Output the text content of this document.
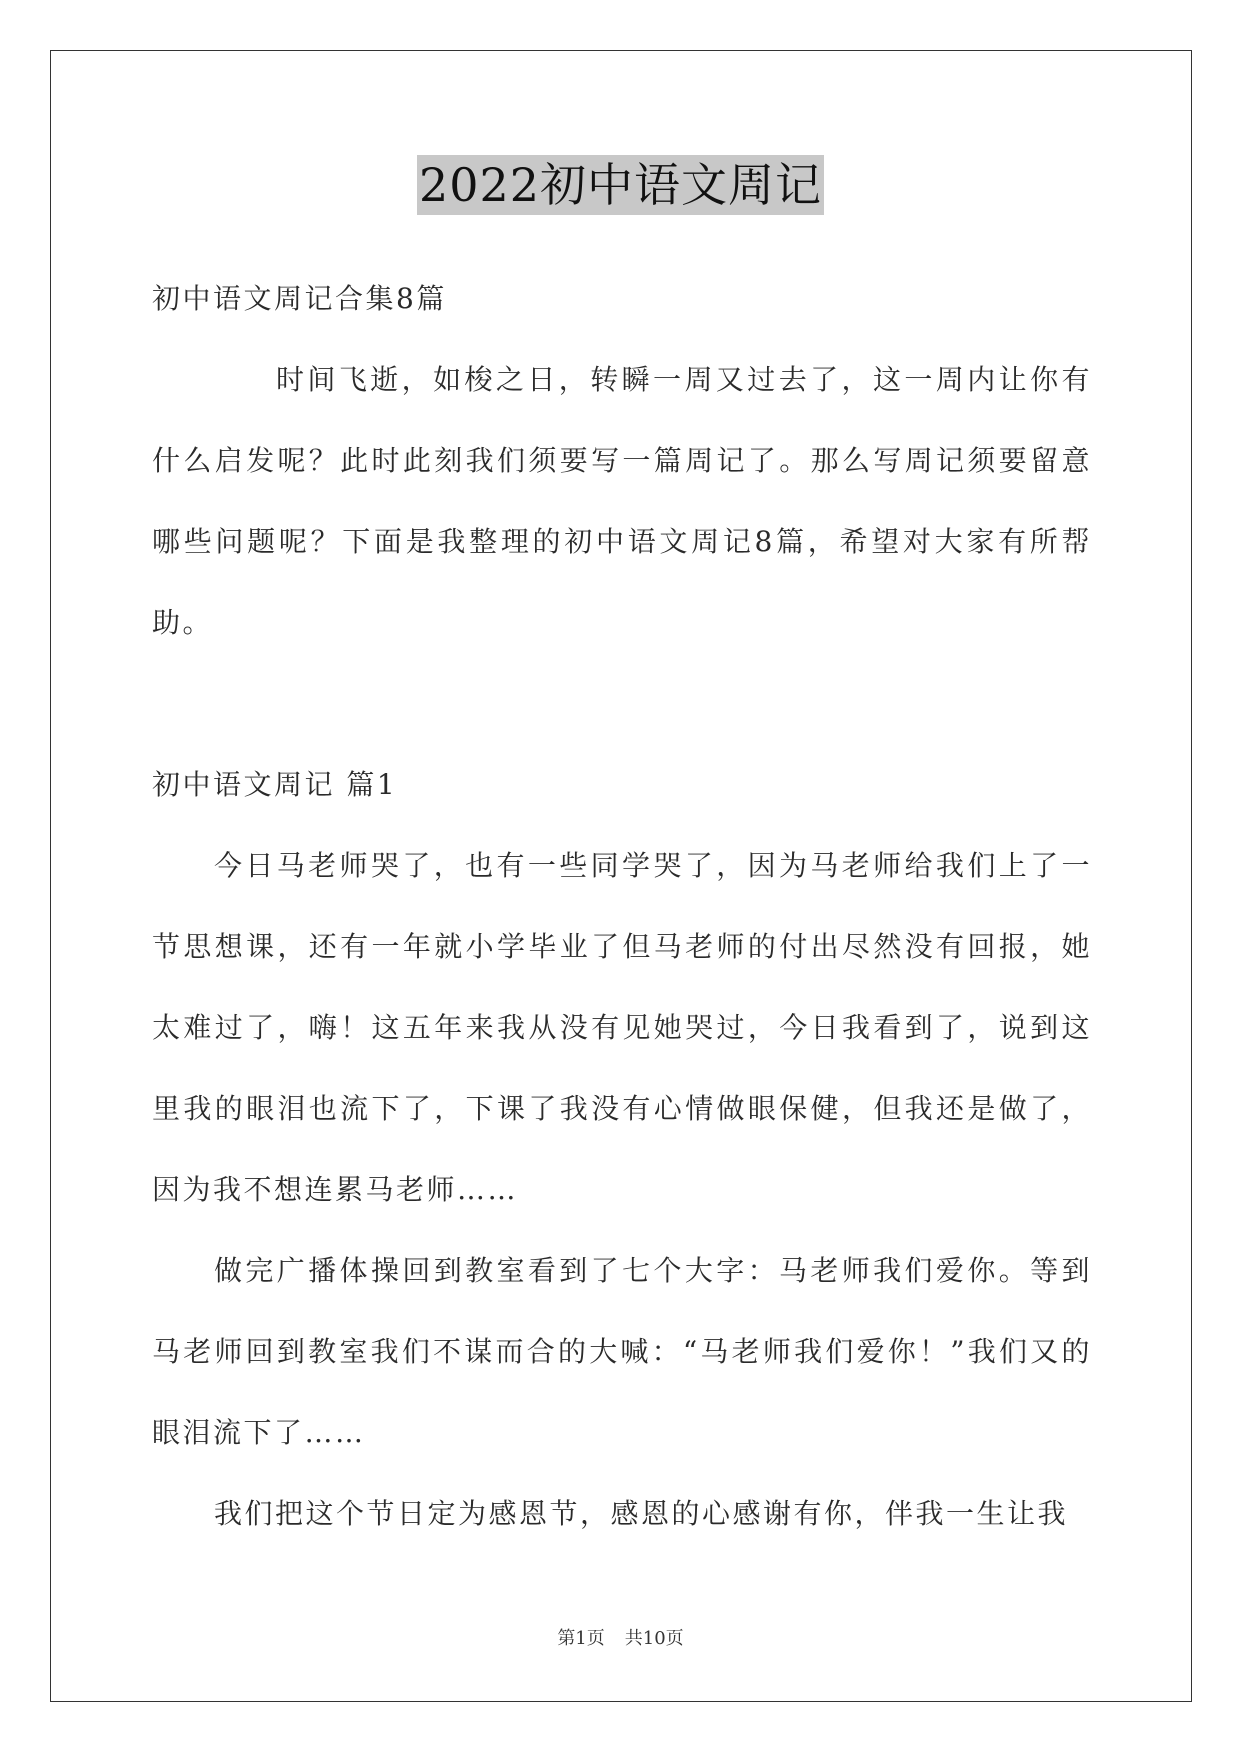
2022初中语文周记

初中语文周记合集8篇

时间飞逝，如梭之日，转瞬一周又过去了，这一周内让你有什么启发呢？此时此刻我们须要写一篇周记了。那么写周记须要留意哪些问题呢？下面是我整理的初中语文周记8篇，希望对大家有所帮助。

初中语文周记 篇1

今日马老师哭了，也有一些同学哭了，因为马老师给我们上了一节思想课，还有一年就小学毕业了但马老师的付出尽然没有回报，她太难过了，嗨！这五年来我从没有见她哭过，今日我看到了，说到这里我的眼泪也流下了，下课了我没有心情做眼保健，但我还是做了，因为我不想连累马老师……

做完广播体操回到教室看到了七个大字：马老师我们爱你。等到马老师回到教室我们不谋而合的大喊：“马老师我们爱你！”我们又的眼泪流下了……

我们把这个节日定为感恩节，感恩的心感谢有你，伴我一生让我

第1页 共10页
